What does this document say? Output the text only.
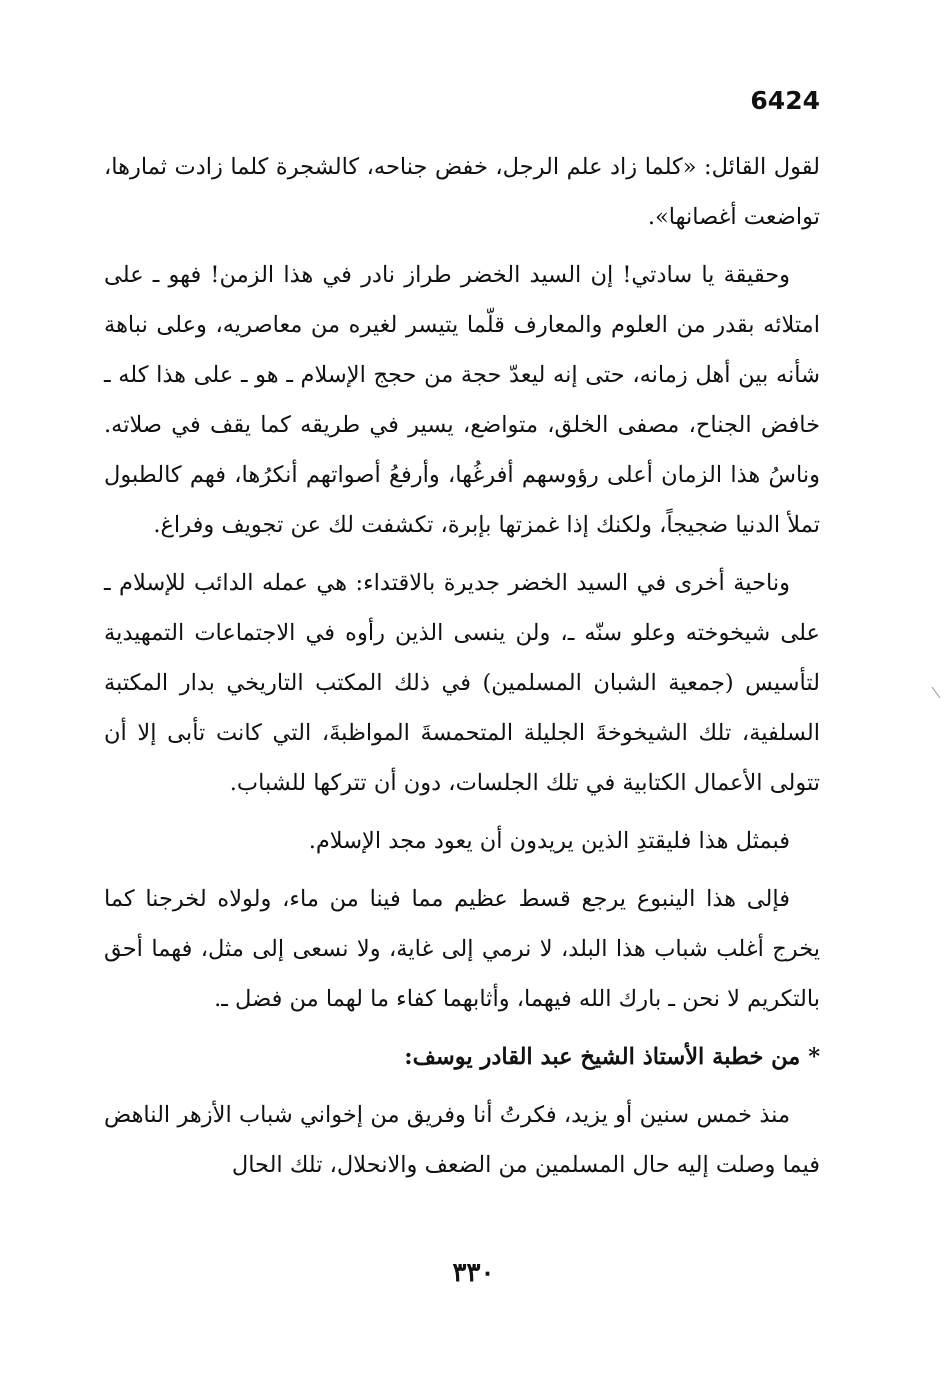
6424

لقول القائل: «كلما زاد علم الرجل، خفض جناحه، كالشجرة كلما زادت ثمارها، تواضعت أغصانها».

وحقيقة يا سادتي! إن السيد الخضر طراز نادر في هذا الزمن! فهو ـ على امتلائه بقدر من العلوم والمعارف قلّما يتيسر لغيره من معاصريه، وعلى نباهة شأنه بين أهل زمانه، حتى إنه ليعدّ حجة من حجج الإسلام ـ هو ـ على هذا كله ـ خافض الجناح، مصفى الخلق، متواضع، يسير في طريقه كما يقف في صلاته. وناسُ هذا الزمان أعلى رؤوسهم أفرغُها، وأرفعُ أصواتهم أنكرُها، فهم كالطبول تملأ الدنيا ضجيجاً، ولكنك إذا غمزتها بإبرة، تكشفت لك عن تجويف وفراغ.

وناحية أخرى في السيد الخضر جديرة بالاقتداء: هي عمله الدائب للإسلام ـ على شيخوخته وعلو سنّه ـ، ولن ينسى الذين رأوه في الاجتماعات التمهيدية لتأسيس (جمعية الشبان المسلمين) في ذلك المكتب التاريخي بدار المكتبة السلفية، تلك الشيخوخةَ الجليلة المتحمسةَ المواظبةَ، التي كانت تأبى إلا أن تتولى الأعمال الكتابية في تلك الجلسات، دون أن تتركها للشباب.

فبمثل هذا فليقتدِ الذين يريدون أن يعود مجد الإسلام.

فإلى هذا الينبوع يرجع قسط عظيم مما فينا من ماء، ولولاه لخرجنا كما يخرج أغلب شباب هذا البلد، لا نرمي إلى غاية، ولا نسعى إلى مثل، فهما أحق بالتكريم لا نحن ـ بارك الله فيهما، وأثابهما كفاء ما لهما من فضل ـ.

* من خطبة الأستاذ الشيخ عبد القادر يوسف:

منذ خمس سنين أو يزيد، فكرتُ أنا وفريق من إخواني شباب الأزهر الناهض فيما وصلت إليه حال المسلمين من الضعف والانحلال، تلك الحال

٣٣٠
